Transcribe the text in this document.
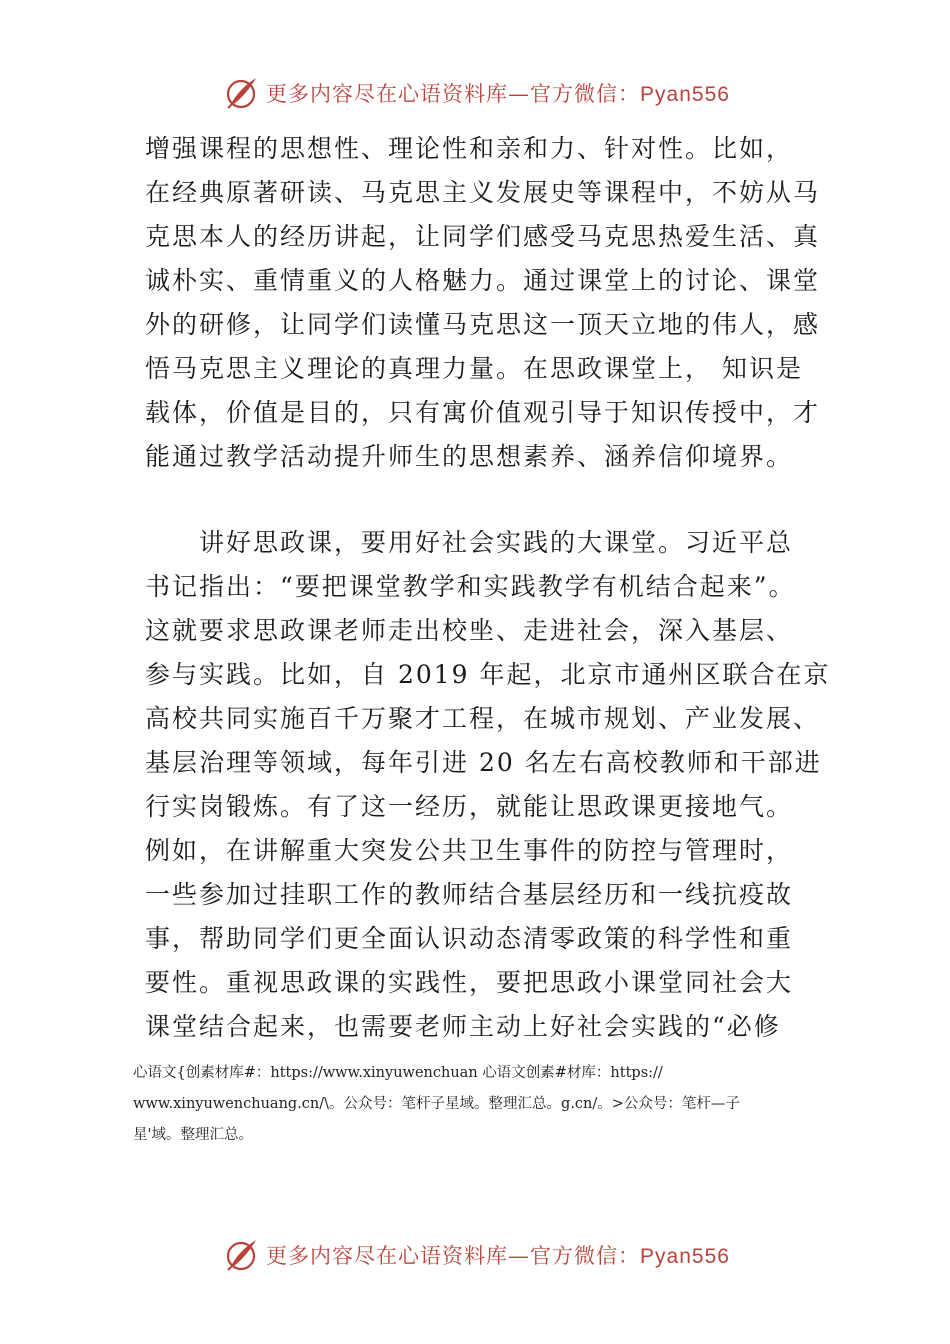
更多内容尽在心语资料库—官方微信：Pyan556
增强课程的思想性、理论性和亲和力、针对性。比如，
在经典原著研读、马克思主义发展史等课程中，不妨从马
克思本人的经历讲起，让同学们感受马克思热爱生活、真
诚朴实、重情重义的人格魅力。通过课堂上的讨论、课堂
外的研修，让同学们读懂马克思这一顶天立地的伟人，感
悟马克思主义理论的真理力量。在思政课堂上， 知识是
载体，价值是目的，只有寓价值观引导于知识传授中，才
能通过教学活动提升师生的思想素养、涵养信仰境界。
　　讲好思政课，要用好社会实践的大课堂。习近平总
书记指出：“要把课堂教学和实践教学有机结合起来”。
这就要求思政课老师走出校㘴、走进社会，深入基层、
参与实践。比如，自 2019 年起，北京市通州区联合在京
高校共同实施百千万聚才工程，在城市规划、产业发展、
基层治理等领域，每年引进 20 名左右高校教师和干部进
行实岗锻炼。有了这一经历，就能让思政课更接地气。
例如，在讲解重大突发公共卫生事件的防控与管理时，
一些参加过挂职工作的教师结合基层经历和一线抗疫故
事，帮助同学们更全面认识动态清零政策的科学性和重
要性。重视思政课的实践性，要把思政小课堂同社会大
课堂结合起来，也需要老师主动上好社会实践的“必修
心语文{创素材库#：https://www.xinyuwenchuan 心语文创素#材库：https://
www.xinyuwenchuang.cn/\。公众号：笔杆子星域。整理汇总。g.cn/。>公众号：笔杆—子
星'域。整理汇总。
更多内容尽在心语资料库—官方微信：Pyan556
